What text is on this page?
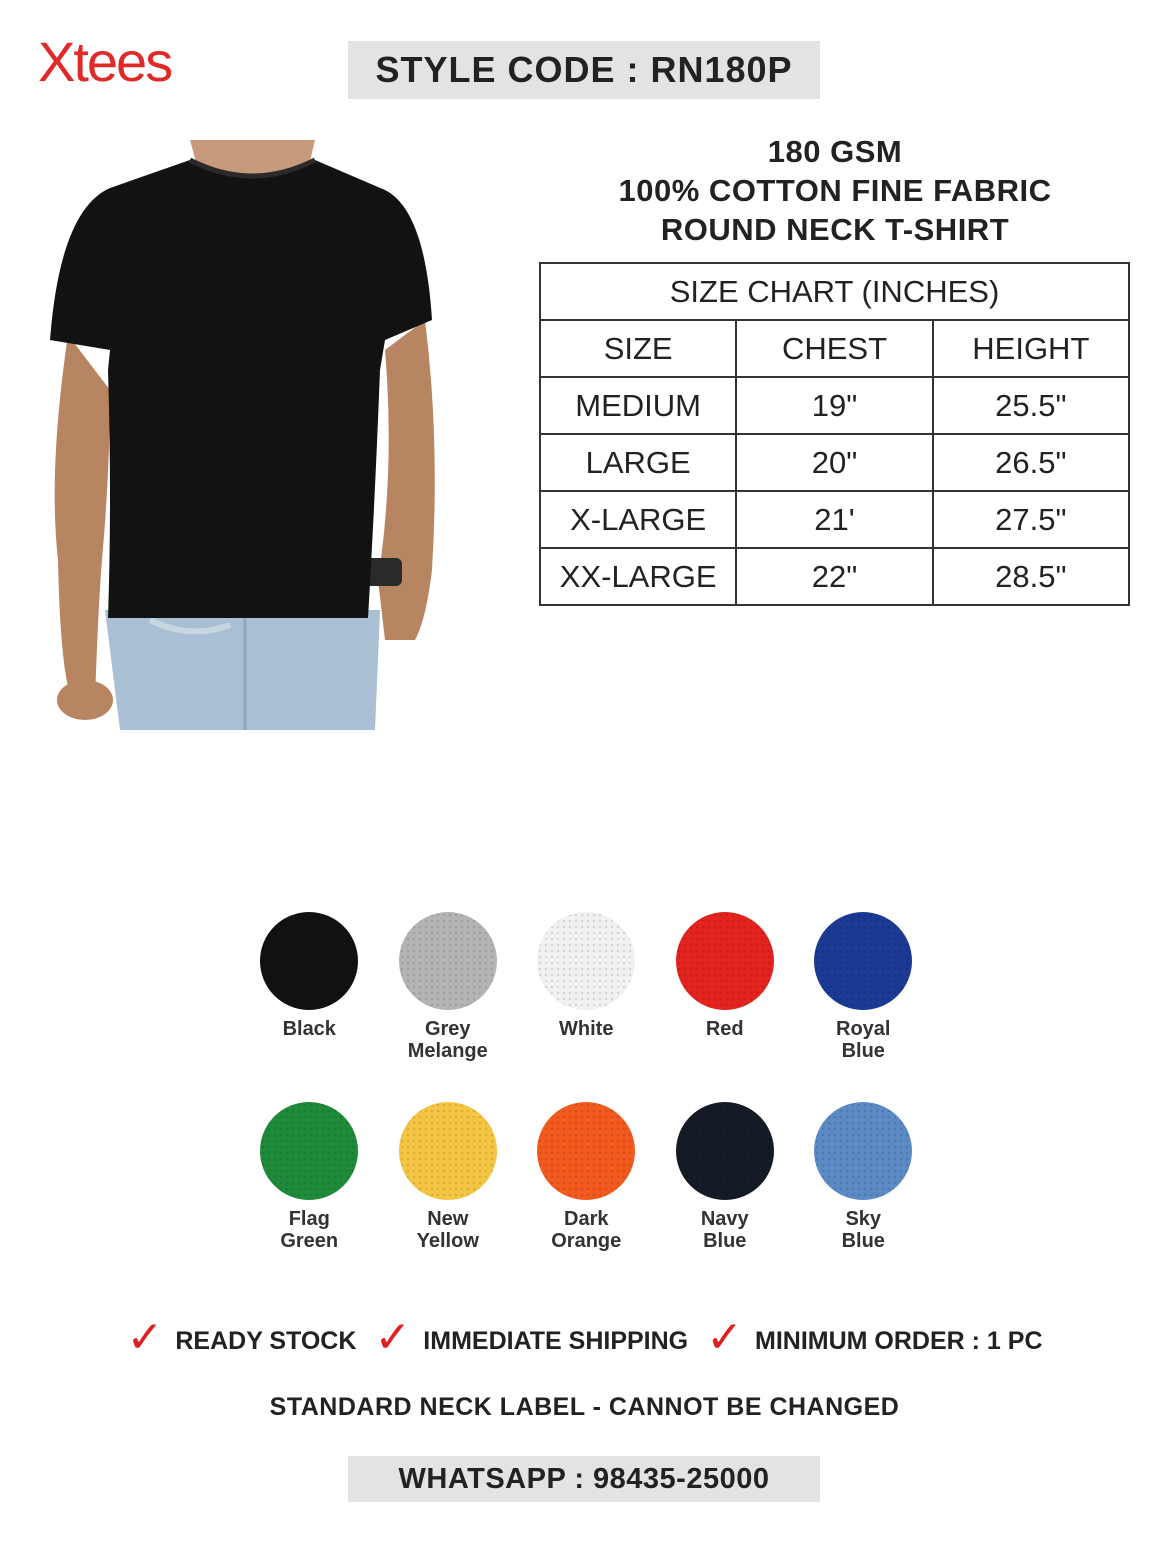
Xtees	STYLE CODE : RN180P
180 GSM
100% COTTON FINE FABRIC
ROUND NECK T-SHIRT
SIZE CHART (INCHES)		
SIZE	CHEST	HEIGHT
MEDIUM	19"	25.5"
LARGE	20"	26.5"
X-LARGE	21'	27.5"
XX-LARGE	22"	28.5"
Black	Grey
Melange
White	Red	Royal
Blue
Flag
Green
New
Yellow
Dark
Orange
Navy
Blue
Sky
Blue
✓ READY STOCK ✓ IMMEDIATE SHIPPING ✓ MINIMUM ORDER : 1 PC
STANDARD NECK LABEL - CANNOT BE CHANGED
WHATSAPP : 98435-25000
